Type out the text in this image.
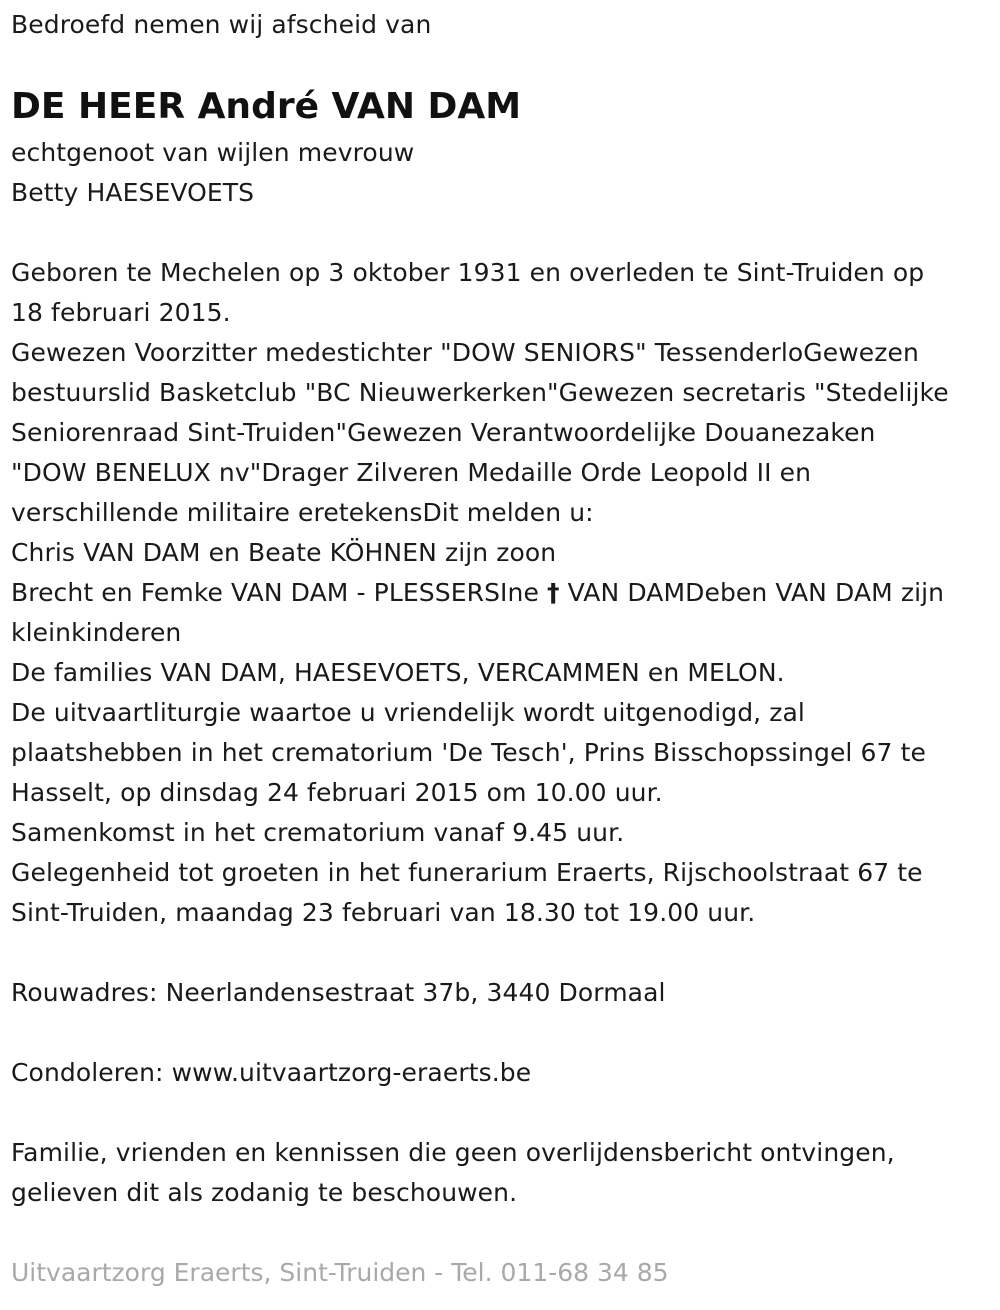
Bedroefd nemen wij afscheid van
DE HEER André VAN DAM
echtgenoot van wijlen mevrouw
Betty HAESEVOETS
Geboren te Mechelen op 3 oktober 1931 en overleden te Sint-Truiden op
18 februari 2015.
Gewezen Voorzitter medestichter "DOW SENIORS" TessenderloGewezen
bestuurslid Basketclub "BC Nieuwerkerken"Gewezen secretaris "Stedelijke
Seniorenraad Sint-Truiden"Gewezen Verantwoordelijke Douanezaken
"DOW BENELUX nv"Drager Zilveren Medaille Orde Leopold II en
verschillende militaire eretekensDit melden u:
Chris VAN DAM en Beate KÖHNEN zijn zoon
Brecht en Femke VAN DAM - PLESSERSIne † VAN DAMDeben VAN DAM zijn
kleinkinderen
De families VAN DAM, HAESEVOETS, VERCAMMEN en MELON.
De uitvaartliturgie waartoe u vriendelijk wordt uitgenodigd, zal
plaatshebben in het crematorium 'De Tesch', Prins Bisschopssingel 67 te
Hasselt, op dinsdag 24 februari 2015 om 10.00 uur.
Samenkomst in het crematorium vanaf 9.45 uur.
Gelegenheid tot groeten in het funerarium Eraerts, Rijschoolstraat 67 te
Sint-Truiden, maandag 23 februari van 18.30 tot 19.00 uur.
Rouwadres: Neerlandensestraat 37b, 3440 Dormaal
Condoleren: www.uitvaartzorg-eraerts.be
Familie, vrienden en kennissen die geen overlijdensbericht ontvingen,
gelieven dit als zodanig te beschouwen.
Uitvaartzorg Eraerts, Sint-Truiden - Tel. 011-68 34 85
